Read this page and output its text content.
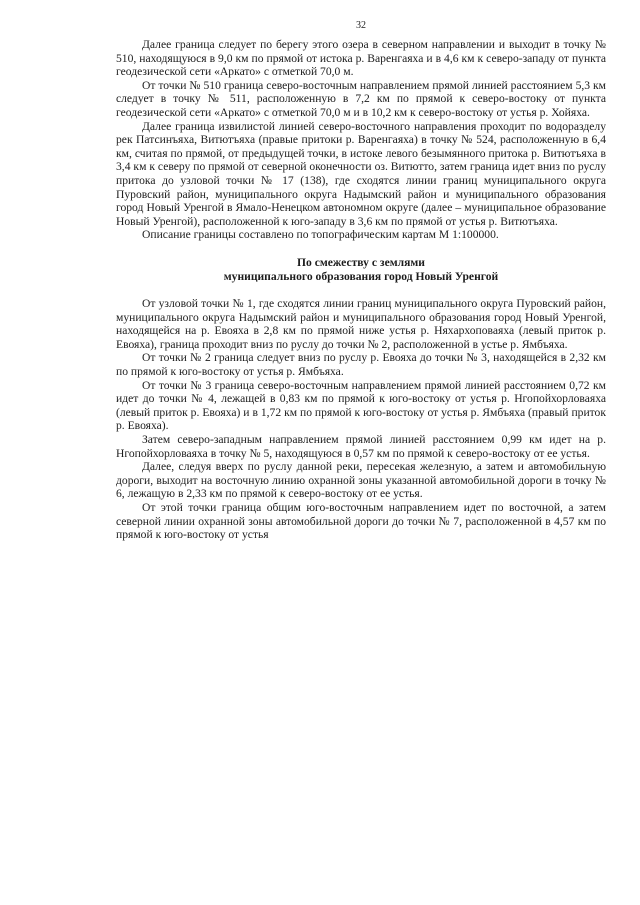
32

Далее граница следует по берегу этого озера в северном направлении и выходит в точку № 510, находящуюся в 9,0 км по прямой от истока р. Варенгаяха и в 4,6 км к северо-западу от пункта геодезической сети «Аркато» с отметкой 70,0 м.

От точки № 510 граница северо-восточным направлением прямой линией расстоянием 5,3 км следует в точку № 511, расположенную в 7,2 км по прямой к северо-востоку от пункта геодезической сети «Аркато» с отметкой 70,0 м и в 10,2 км к северо-востоку от устья р. Хойяха.

Далее граница извилистой линией северо-восточного направления проходит по водоразделу рек Патсинъяха, Витютъяха (правые притоки р. Варенгаяха) в точку № 524, расположенную в 6,4 км, считая по прямой, от предыдущей точки, в истоке левого безымянного притока р. Витютъяха в 3,4 км к северу по прямой от северной оконечности оз. Витютто, затем граница идет вниз по руслу притока до узловой точки № 17 (138), где сходятся линии границ муниципального округа Пуровский район, муниципального округа Надымский район и муниципального образования город Новый Уренгой в Ямало-Ненецком автономном округе (далее – муниципальное образование Новый Уренгой), расположенной к юго-западу в 3,6 км по прямой от устья р. Витютъяха.

Описание границы составлено по топографическим картам М 1:100000.

По смежеству с землями
муниципального образования город Новый Уренгой

От узловой точки № 1, где сходятся линии границ муниципального округа Пуровский район, муниципального округа Надымский район и муниципального образования город Новый Уренгой, находящейся на р. Евояха в 2,8 км по прямой ниже устья р. Няхархоповаяха (левый приток р. Евояха), граница проходит вниз по руслу до точки № 2, расположенной в устье р. Ямбъяха.

От точки № 2 граница следует вниз по руслу р. Евояха до точки № 3, находящейся в 2,32 км по прямой к юго-востоку от устья р. Ямбъяха.

От точки № 3 граница северо-восточным направлением прямой линией расстоянием 0,72 км идет до точки № 4, лежащей в 0,83 км по прямой к юго-востоку от устья р. Нгопойхорловаяха (левый приток р. Евояха) и в 1,72 км по прямой к юго-востоку от устья р. Ямбъяха (правый приток р. Евояха).

Затем северо-западным направлением прямой линией расстоянием 0,99 км идет на р. Нгопойхорловаяха в точку № 5, находящуюся в 0,57 км по прямой к северо-востоку от ее устья.

Далее, следуя вверх по руслу данной реки, пересекая железную, а затем и автомобильную дороги, выходит на восточную линию охранной зоны указанной автомобильной дороги в точку № 6, лежащую в 2,33 км по прямой к северо-востоку от ее устья.

От этой точки граница общим юго-восточным направлением идет по восточной, а затем северной линии охранной зоны автомобильной дороги до точки № 7, расположенной в 4,57 км по прямой к юго-востоку от устья
